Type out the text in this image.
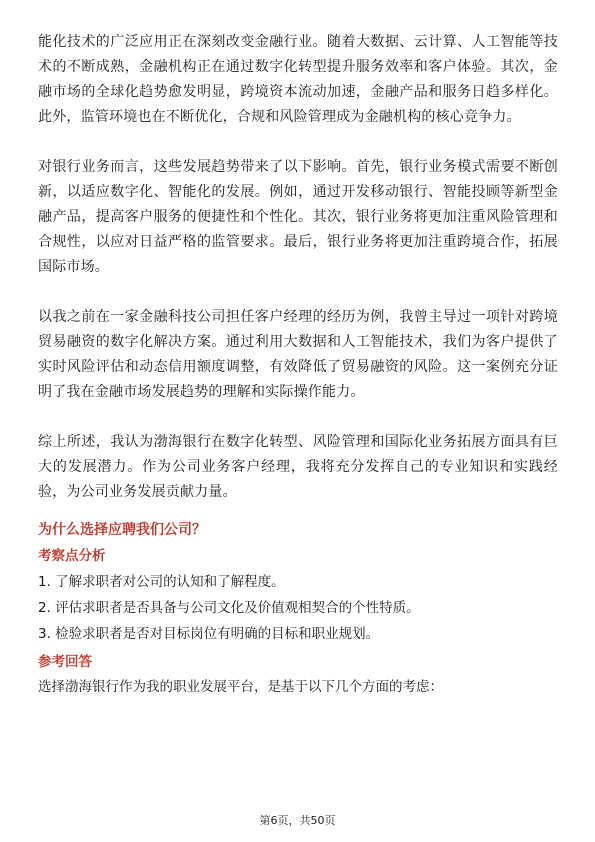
能化技术的广泛应用正在深刻改变金融行业。随着大数据、云计算、人工智能等技术的不断成熟，金融机构正在通过数字化转型提升服务效率和客户体验。其次，金融市场的全球化趋势愈发明显，跨境资本流动加速，金融产品和服务日趋多样化。此外，监管环境也在不断优化，合规和风险管理成为金融机构的核心竞争力。

对银行业务而言，这些发展趋势带来了以下影响。首先，银行业务模式需要不断创新，以适应数字化、智能化的发展。例如，通过开发移动银行、智能投顾等新型金融产品，提高客户服务的便捷性和个性化。其次，银行业务将更加注重风险管理和合规性，以应对日益严格的监管要求。最后，银行业务将更加注重跨境合作，拓展国际市场。

以我之前在一家金融科技公司担任客户经理的经历为例，我曾主导过一项针对跨境贸易融资的数字化解决方案。通过利用大数据和人工智能技术，我们为客户提供了实时风险评估和动态信用额度调整，有效降低了贸易融资的风险。这一案例充分证明了我在金融市场发展趋势的理解和实际操作能力。

综上所述，我认为渤海银行在数字化转型、风险管理和国际化业务拓展方面具有巨大的发展潜力。作为公司业务客户经理，我将充分发挥自己的专业知识和实践经验，为公司业务发展贡献力量。

为什么选择应聘我们公司？
考察点分析
1. 了解求职者对公司的认知和了解程度。
2. 评估求职者是否具备与公司文化及价值观相契合的个性特质。
3. 检验求职者是否对目标岗位有明确的目标和职业规划。
参考回答

选择渤海银行作为我的职业发展平台，是基于以下几个方面的考虑：

第6页，共50页
